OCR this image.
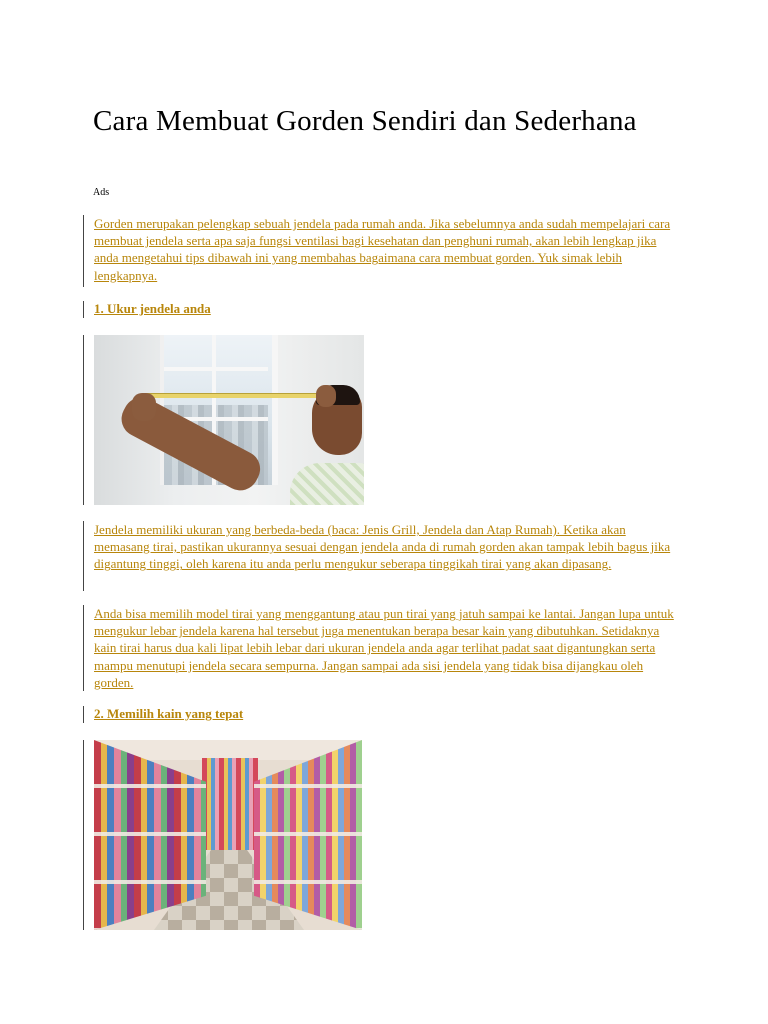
Cara Membuat Gorden Sendiri dan Sederhana
Ads

Gorden merupakan pelengkap sebuah jendela pada rumah anda. Jika sebelumnya anda sudah mempelajari cara membuat jendela serta apa saja fungsi ventilasi bagi kesehatan dan penghuni rumah, akan lebih lengkap jika anda mengetahui tips dibawah ini yang membahas bagaimana cara membuat gorden. Yuk simak lebih lengkapnya.

1. Ukur jendela anda

Jendela memiliki ukuran yang berbeda-beda (baca: Jenis Grill, Jendela dan Atap Rumah). Ketika akan memasang tirai, pastikan ukurannya sesuai dengan jendela anda di rumah gorden akan tampak lebih bagus jika digantung tinggi, oleh karena itu anda perlu mengukur seberapa tinggikah tirai yang akan dipasang.

Anda bisa memilih model tirai yang menggantung atau pun tirai yang jatuh sampai ke lantai. Jangan lupa untuk mengukur lebar jendela karena hal tersebut juga menentukan berapa besar kain yang dibutuhkan. Setidaknya kain tirai harus dua kali lipat lebih lebar dari ukuran jendela anda agar terlihat padat saat digantungkan serta mampu menutupi jendela secara sempurna. Jangan sampai ada sisi jendela yang tidak bisa dijangkau oleh gorden.

2. Memilih kain yang tepat
